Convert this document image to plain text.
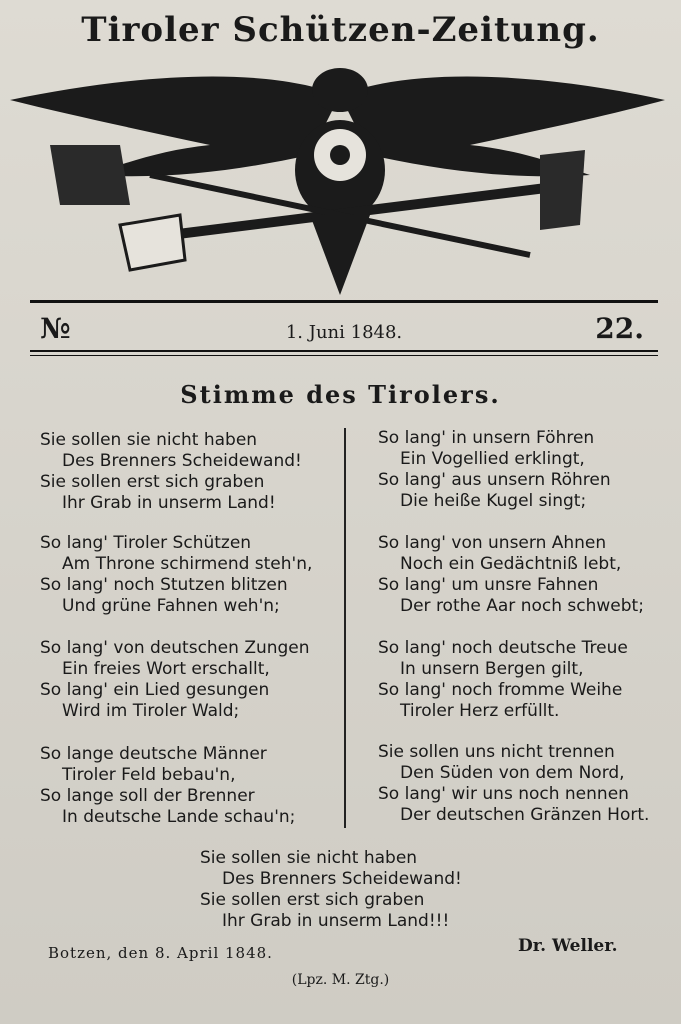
Tiroler Schützen-Zeitung.
№	1. Juni 1848.	22.
Stimme des Tirolers.
Sie sollen sie nicht haben
Des Brenners Scheidewand!
Sie sollen erst sich graben
Ihr Grab in unserm Land!
So lang' Tiroler Schützen
Am Throne schirmend steh'n,
So lang' noch Stutzen blitzen
Und grüne Fahnen weh'n;
So lang' von deutschen Zungen
Ein freies Wort erschallt,
So lang' ein Lied gesungen
Wird im Tiroler Wald;
So lange deutsche Männer
Tiroler Feld bebau'n,
So lange soll der Brenner
In deutsche Lande schau'n;
So lang' in unsern Föhren
Ein Vogellied erklingt,
So lang' aus unsern Röhren
Die heiße Kugel singt;
So lang' von unsern Ahnen
Noch ein Gedächtniß lebt,
So lang' um unsre Fahnen
Der rothe Aar noch schwebt;
So lang' noch deutsche Treue
In unsern Bergen gilt,
So lang' noch fromme Weihe
Tiroler Herz erfüllt.
Sie sollen uns nicht trennen
Den Süden von dem Nord,
So lang' wir uns noch nennen
Der deutschen Gränzen Hort.
Sie sollen sie nicht haben
Des Brenners Scheidewand!
Sie sollen erst sich graben
Ihr Grab in unserm Land!!!
Botzen, den 8. April 1848.	Dr. Weller.
(Lpz. M. Ztg.)
